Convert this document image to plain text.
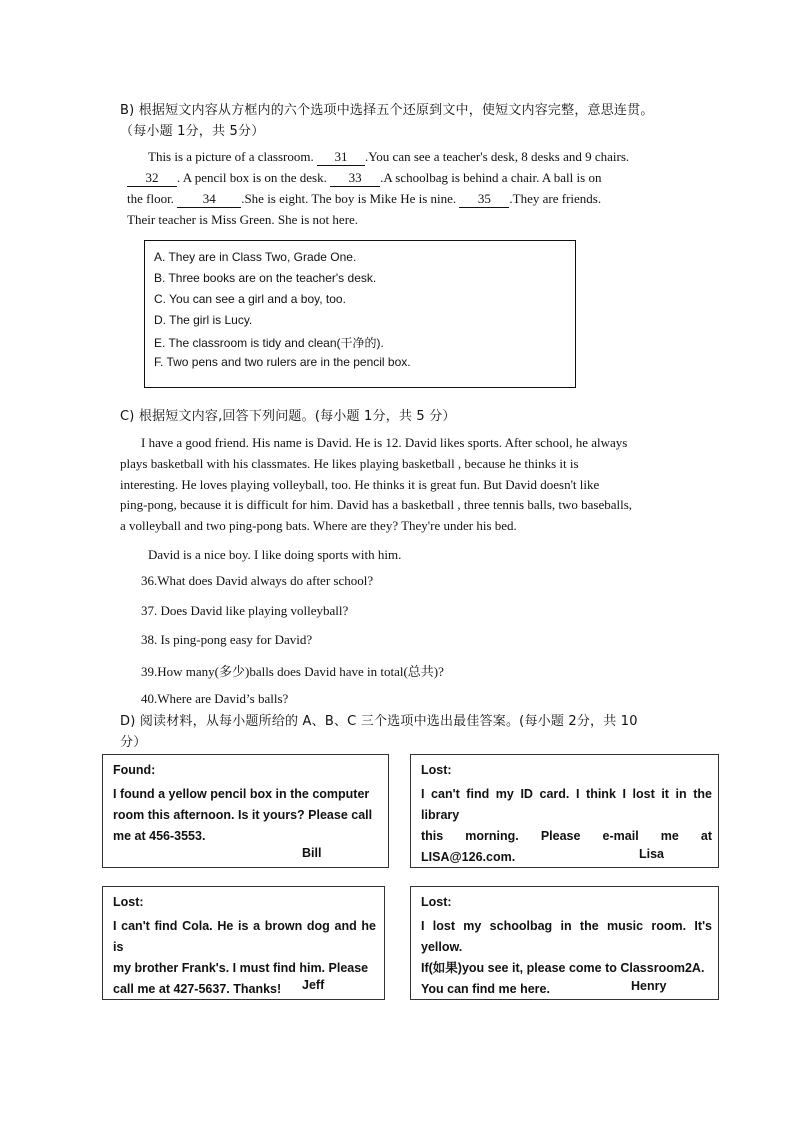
B) 根据短文内容从方框内的六个选项中选择五个还原到文中，使短文内容完整，意思连贯。
（每小题 1分，共 5分）
This is a picture of a classroom. 31 .You can see a teacher's desk, 8 desks and 9 chairs.
32 . A pencil box is on the desk. 33 .A schoolbag is behind a chair. A ball is on
the floor. 34 .She is eight. The boy is Mike He is nine. 35 .They are friends.
Their teacher is Miss Green. She is not here.
A. They are in Class Two, Grade One.
B. Three books are on the teacher's desk.
C. You can see a girl and a boy, too.
D. The girl is Lucy.
E. The classroom is tidy and clean(干净的).
F. Two pens and two rulers are in the pencil box.
C) 根据短文内容,回答下列问题。(每小题 1分，共 5 分）
I have a good friend. His name is David. He is 12. David likes sports. After school, he always
plays basketball with his classmates. He likes playing basketball , because he thinks it is
interesting. He loves playing volleyball, too. He thinks it is great fun. But David doesn't like
ping-pong, because it is difficult for him. David has a basketball , three tennis balls, two baseballs,
a volleyball and two ping-pong bats. Where are they? They're under his bed.
David is a nice boy. I like doing sports with him.
36.What does David always do after school?
37. Does David like playing volleyball?
38. Is ping-pong easy for David?
39.How many(多少)balls does David have in total(总共)?
40.Where are David’s balls?
D) 阅读材料，从每小题所给的 A、B、C 三个选项中选出最佳答案。(每小题 2分，共 10
分）
Found:
I found a yellow pencil box in the computer
room this afternoon. Is it yours? Please call
me at 456-3553.
Bill
Lost:
I can't find my ID card. I think I lost it in the library
this morning. Please e-mail me at LISA@126.com.	Lisa
Lost:
I can't find Cola. He is a brown dog and he is
my brother Frank's. I must find him. Please
call me at 427-5637. Thanks!	Jeff
Lost:
I lost my schoolbag in the music room. It's yellow.
If(如果)you see it, please come to Classroom2A.
You can find me here.	Henry
